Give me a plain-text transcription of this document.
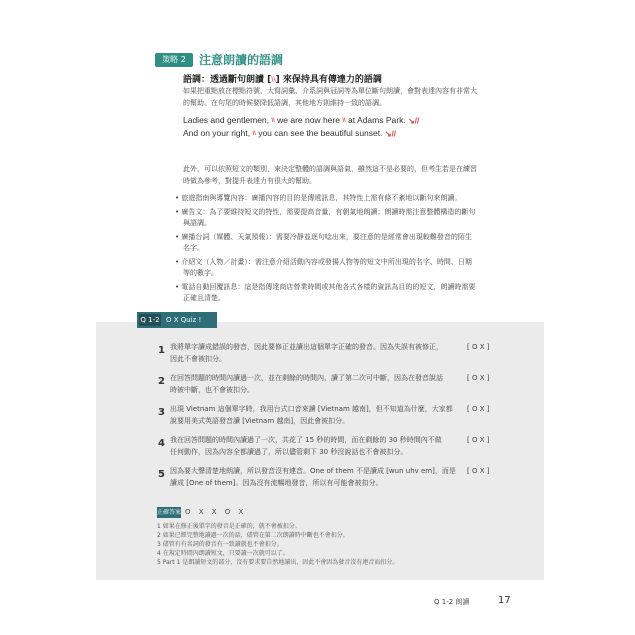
策略 2	注意朗讀的語調
語調：透過斷句朗讀 [\\] 來保持具有傳達力的語調
如果把重點放在標點符號、大寫詞彙、介系詞與冠詞等為單位斷句朗讀，會對表達內容有非常大
的幫助。在句尾的時候要降低語調，其他地方則維持一致的語調。
Ladies and gentlemen, \\ we are now here \\ at Adams Park. ↘//
And on your right, \\ you can see the beautiful sunset. ↘//
此外，可以依照短文的類別，來決定整體的語調與語氣，雖然這不是必要的，但考生若是在練習
時做為參考，對提升表達力有很大的幫助。
• 旅遊指南與導覽內容：廣播內容的目的是傳遞訊息，其特性上需有條不紊地以斷句來朗讀。
• 廣告文：為了要維持短文的特性，需要提高音量，有朝氣地朗讀；朗讀時需注意整體構造的斷句
與語調。
• 廣播台詞（媒體、天氣預報）：需要冷靜並逐句唸出來，要注意的是經常會出現較難發音的陌生
名字。
• 介紹文（人物／計畫）：需注意介紹活動內容或發揚人物等的短文中所出現的名字、時間、日期
等的數字。
• 電話自動回覆訊息：這是指傳達商店營業時間或其他各式各樣的資訊為目的的短文，朗讀時需要
正確且清楚。
Q 1-2 O X Quiz !
1 我將單字讀成錯誤的發音，因此要修正並讀出這個單字正確的發音。因為失誤有被修正，
因此不會被扣分。
[ O X ]
2 在回答問題的時間內讀過一次，並在剩餘的時間內，讀了第二次可中斷，因為在發音說話
時被中斷，也不會被扣分。
[ O X ]
3 出現 Vietnam 這個單字時，我用台式口音來讀 [Vietnam 越南]，但不知道為什麼，大家都
說要用美式英語發音讀 [Vietnam 越南]，因此會被扣分。
[ O X ]
4 我在回答問題的時間內讀過了一次，共花了 15 秒的時間，而在剩餘的 30 秒時間內不做
任何動作，因為內容全都讀過了，所以儘管剩下 30 秒沒說話也不會被扣分。
[ O X ]
5 因為要大聲清楚地朗讀，所以發音沒有連音。One of them 不是讀成 [wun uhv em]，而是
讀成 [One of them]。因為沒有流暢地發音，所以有可能會被扣分。
[ O X ]
正確答案 O X X O X
1 如果在修正後單字的發音是正確的，就不會被扣分。
2 如果已經完整地讀過一次的話，儘管在第二次朗讀時中斷也不會扣分。
3 儘管有有名詞的發音有一致讀就也不會扣分。
4 在規定時間內朗讀短文，只要讀一次就可以了。
5 Part 1 是朗讀短文的部分，沒有要求要自然地讀出，因此不會因為發音沒有連音而扣分。
Q 1-2 朗讀	17
